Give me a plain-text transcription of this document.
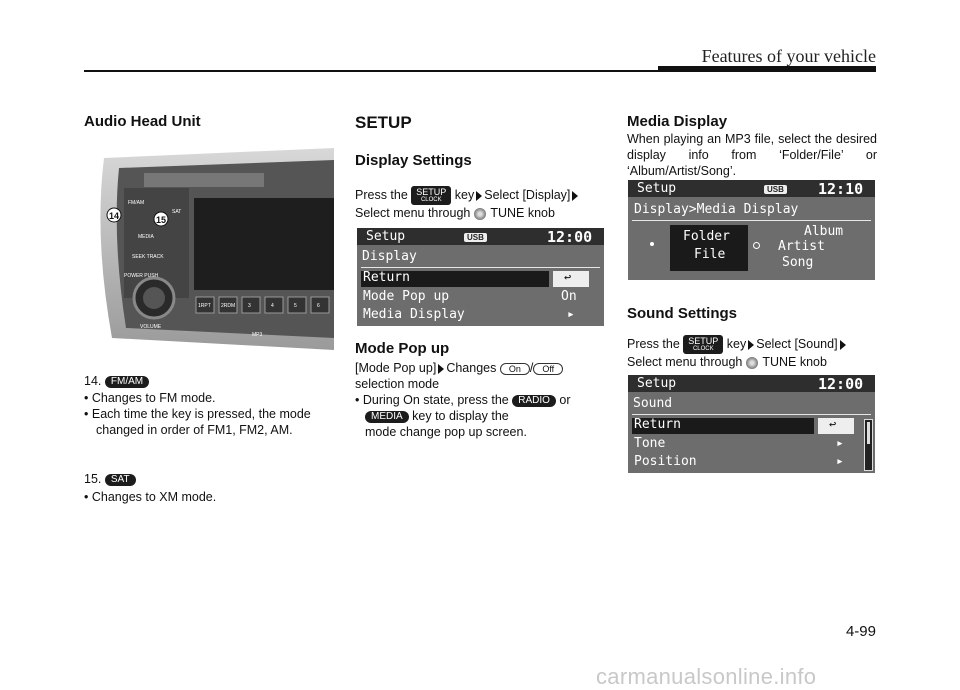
Features of your vehicle
Audio Head Unit
1RPT 2RDM	3	4	5	6
FM/AM
SAT
MEDIA
SEEK TRACK
POWER PUSH
VOLUME
MP3
14	15
14. FM/AM
• Changes to FM mode.
• Each time the key is pressed, the mode changed in order of FM1, FM2, AM.
15. SAT
• Changes to XM mode.
SETUP
Display Settings
Press the SETUP
CLOCK	key Select [Display]
Select menu through TUNE knob
Setup	USB	12:00
Display
Return	↩
Mode Pop up	On
Media Display	▸
Mode Pop up
[Mode Pop up] Changes On / Off
selection mode
• During On state, press the RADIO or
MEDIA key to display the
mode change pop up screen.
Media Display
When playing an MP3 file, select the desired display info from ‘Folder/File’ or ‘Album/Artist/Song’.
Setup	USB 12:10
Display>Media Display
Folder
File
Album
Artist
Song
Sound Settings
Press the SETUP
CLOCK	key Select [Sound]
Select menu through TUNE knob
Setup	12:00
Sound
Return	↩
Tone	▸
Position	▸
4-99
carmanualsonline.info
